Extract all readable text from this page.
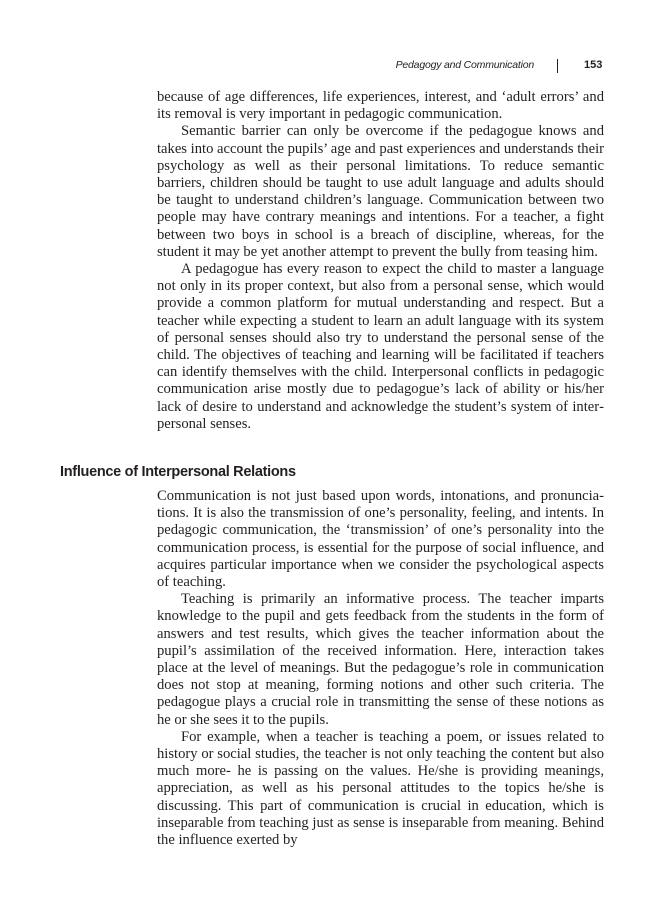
Pedagogy and Communication	153

because of age differences, life experiences, interest, and ‘adult errors’ and its removal is very important in pedagogic communication.

Semantic barrier can only be overcome if the pedagogue knows and takes into account the pupils’ age and past experiences and understands their psychology as well as their personal limitations. To reduce semantic barriers, children should be taught to use adult language and adults should be taught to understand children’s language. Communication between two people may have contrary meanings and intentions. For a teacher, a fight between two boys in school is a breach of discipline, whereas, for the student it may be yet another attempt to prevent the bully from teasing him.

A pedagogue has every reason to expect the child to master a language not only in its proper context, but also from a personal sense, which would provide a common platform for mutual understanding and respect. But a teacher while expecting a student to learn an adult language with its system of personal senses should also try to understand the personal sense of the child. The objectives of teaching and learning will be facilitated if teachers can identify themselves with the child. Interpersonal conflicts in pedagogic communication arise mostly due to pedagogue’s lack of ability or his/her lack of desire to understand and acknowledge the student’s system of interpersonal senses.

Influence of Interpersonal Relations

Communication is not just based upon words, intonations, and pronunciations. It is also the transmission of one’s personality, feeling, and intents. In pedagogic communication, the ‘transmission’ of one’s personality into the communication process, is essential for the purpose of social influence, and acquires particular importance when we consider the psychological aspects of teaching.

Teaching is primarily an informative process. The teacher imparts knowledge to the pupil and gets feedback from the students in the form of answers and test results, which gives the teacher information about the pupil’s assimilation of the received information. Here, interaction takes place at the level of meanings. But the pedagogue’s role in communication does not stop at meaning, forming notions and other such criteria. The pedagogue plays a crucial role in transmitting the sense of these notions as he or she sees it to the pupils.

For example, when a teacher is teaching a poem, or issues related to history or social studies, the teacher is not only teaching the content but also much more- he is passing on the values. He/she is providing meanings, appreciation, as well as his personal attitudes to the topics he/she is discussing. This part of communication is crucial in education, which is inseparable from teaching just as sense is inseparable from meaning. Behind the influence exerted by
